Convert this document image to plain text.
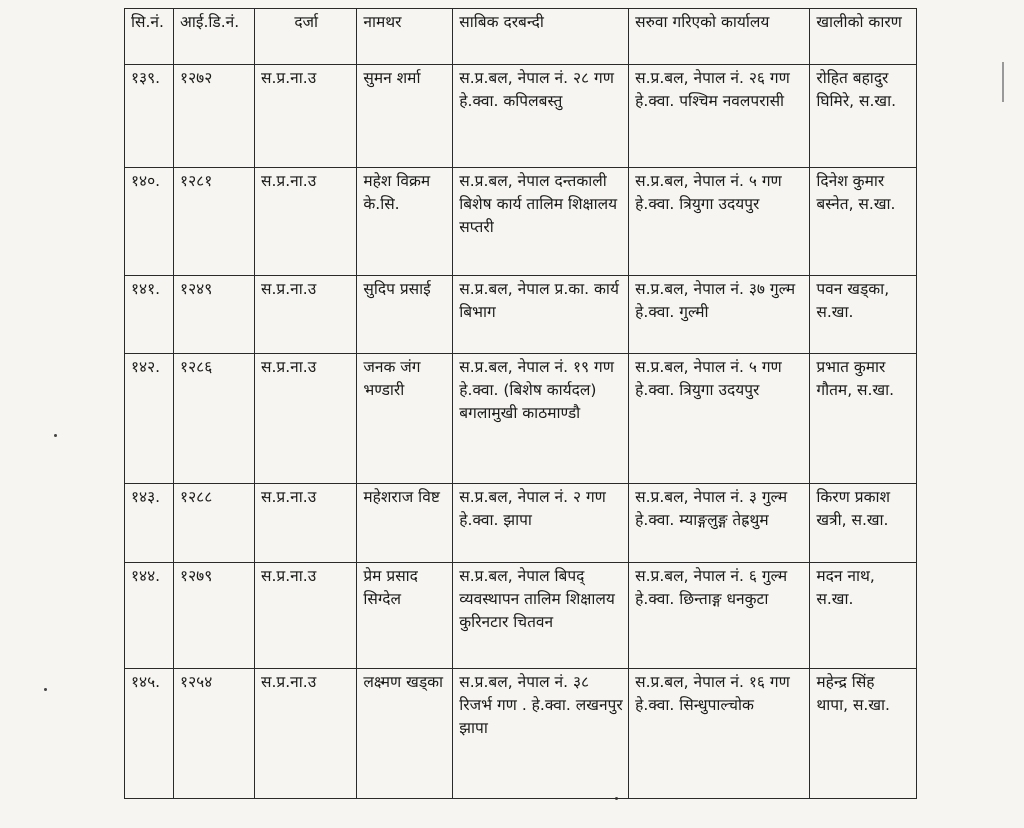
सि.नं.	आई.डि.नं.	दर्जा	नामथर	साबिक दरबन्दी	सरुवा गरिएको कार्यालय	खालीको कारण
१३९.	१२७२	स.प्र.ना.उ	सुमन शर्मा	स.प्र.बल, नेपाल नं. २८ गण हे.क्वा. कपिलबस्तु	स.प्र.बल, नेपाल नं. २६ गण हे.क्वा. पश्चिम नवलपरासी	रोहित बहादुर घिमिरे, स.खा.
१४०.	१२८१	स.प्र.ना.उ	महेश विक्रम के.सि.	स.प्र.बल, नेपाल दन्तकाली बिशेष कार्य तालिम शिक्षालय सप्तरी	स.प्र.बल, नेपाल नं. ५ गण हे.क्वा. त्रियुगा उदयपुर	दिनेश कुमार बस्नेत, स.खा.
१४१.	१२४९	स.प्र.ना.उ	सुदिप प्रसाई	स.प्र.बल, नेपाल प्र.का. कार्य बिभाग	स.प्र.बल, नेपाल नं. ३७ गुल्म हे.क्वा. गुल्मी	पवन खड्का, स.खा.
१४२.	१२८६	स.प्र.ना.उ	जनक जंग भण्डारी	स.प्र.बल, नेपाल नं. १९ गण हे.क्वा. (बिशेष कार्यदल) बगलामुखी काठमाण्डौ	स.प्र.बल, नेपाल नं. ५ गण हे.क्वा. त्रियुगा उदयपुर	प्रभात कुमार गौतम, स.खा.
१४३.	१२८८	स.प्र.ना.उ	महेशराज विष्ट	स.प्र.बल, नेपाल नं. २ गण हे.क्वा. झापा	स.प्र.बल, नेपाल नं. ३ गुल्म हे.क्वा. म्याङ्गलुङ्ग तेह्रथुम	किरण प्रकाश खत्री, स.खा.
१४४.	१२७९	स.प्र.ना.उ	प्रेम प्रसाद सिग्देल	स.प्र.बल, नेपाल बिपद् व्यवस्थापन तालिम शिक्षालय कुरिनटार चितवन	स.प्र.बल, नेपाल नं. ६ गुल्म हे.क्वा. छिन्ताङ्ग धनकुटा	मदन नाथ, स.खा.
१४५.	१२५४	स.प्र.ना.उ	लक्ष्मण खड्का	स.प्र.बल, नेपाल नं. ३८ रिजर्भ गण . हे.क्वा. लखनपुर झापा	स.प्र.बल, नेपाल नं. १६ गण हे.क्वा. सिन्धुपाल्चोक	महेन्द्र सिंह थापा, स.खा.
